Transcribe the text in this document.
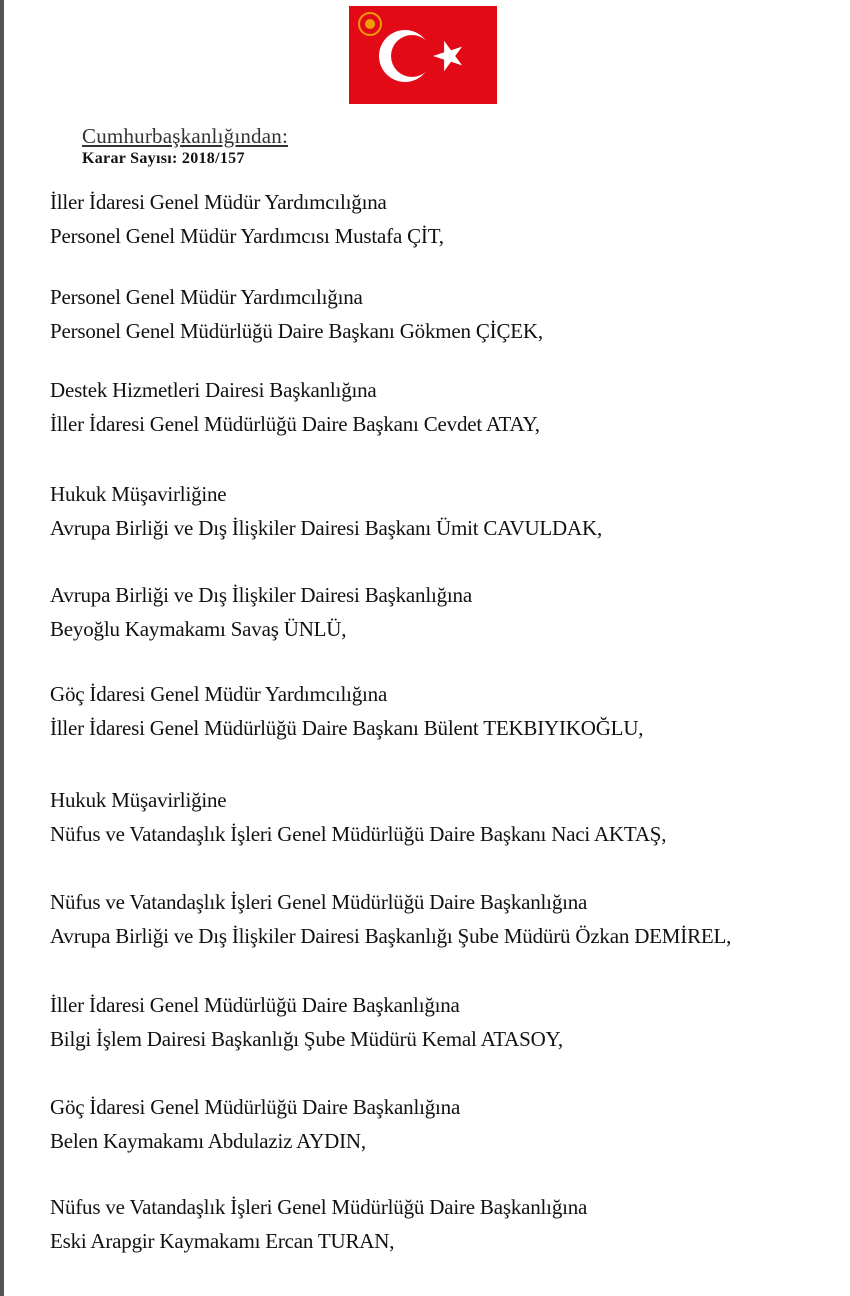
Cumhurbaşkanlığından:
Karar Sayısı: 2018/157
İller İdaresi Genel Müdür Yardımcılığına
Personel Genel Müdür Yardımcısı Mustafa ÇİT,
Personel Genel Müdür Yardımcılığına
Personel Genel Müdürlüğü Daire Başkanı Gökmen ÇİÇEK,
Destek Hizmetleri Dairesi Başkanlığına
İller İdaresi Genel Müdürlüğü Daire Başkanı Cevdet ATAY,
Hukuk Müşavirliğine
Avrupa Birliği ve Dış İlişkiler Dairesi Başkanı Ümit CAVULDAK,
Avrupa Birliği ve Dış İlişkiler Dairesi Başkanlığına
Beyoğlu Kaymakamı Savaş ÜNLÜ,
Göç İdaresi Genel Müdür Yardımcılığına
İller İdaresi Genel Müdürlüğü Daire Başkanı Bülent TEKBIYIKOĞLU,
Hukuk Müşavirliğine
Nüfus ve Vatandaşlık İşleri Genel Müdürlüğü Daire Başkanı Naci AKTAŞ,
Nüfus ve Vatandaşlık İşleri Genel Müdürlüğü Daire Başkanlığına
Avrupa Birliği ve Dış İlişkiler Dairesi Başkanlığı Şube Müdürü Özkan DEMİREL,
İller İdaresi Genel Müdürlüğü Daire Başkanlığına
Bilgi İşlem Dairesi Başkanlığı Şube Müdürü Kemal ATASOY,
Göç İdaresi Genel Müdürlüğü Daire Başkanlığına
Belen Kaymakamı Abdulaziz AYDIN,
Nüfus ve Vatandaşlık İşleri Genel Müdürlüğü Daire Başkanlığına
Eski Arapgir Kaymakamı Ercan TURAN,
